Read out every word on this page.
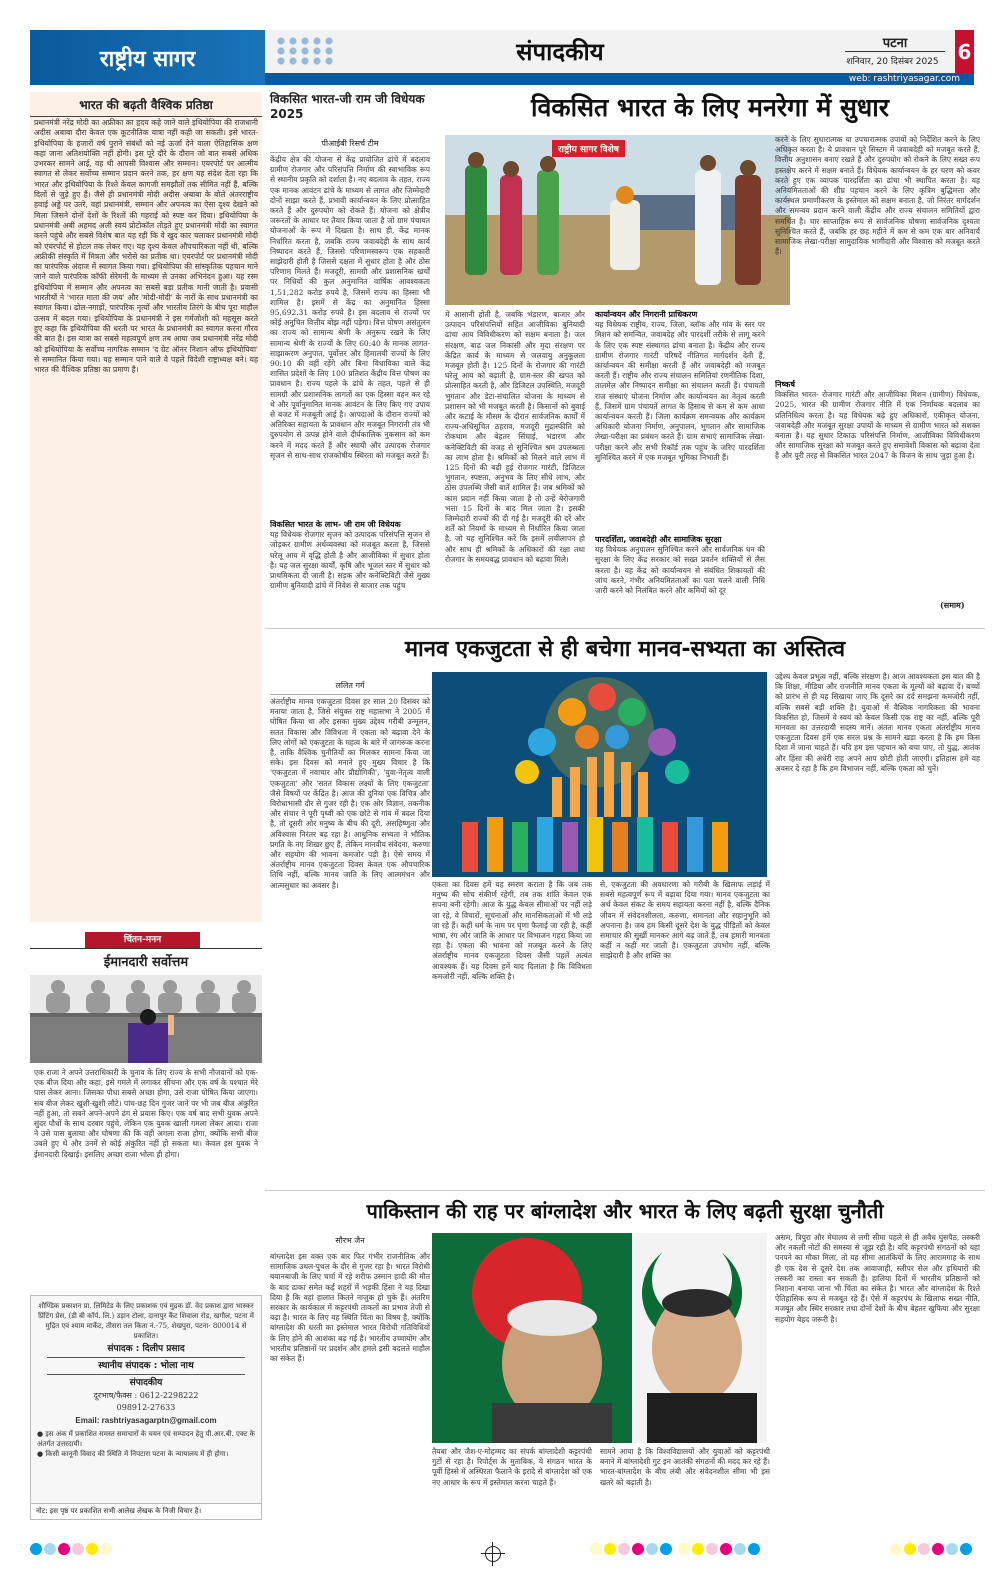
राष्ट्रीय सागर	संपादकीय	पटना
शनिवार, 20 दिसंबर 2025 6
web: rashtriyasagar.com
भारत की बढ़ती वैश्विक प्रतिष्ठा

प्रधानमंत्री नरेंद्र मोदी का अफ्रीका का हृदय कहे जाने वाले इथियोपिया की राजधानी अदीस अबाबा दौरा केवल एक कूटनीतिक यात्रा नहीं कही जा सकती। इसे भारत-इथियोपिया के हजारों वर्ष पुराने संबंधों को नई ऊर्जा देने वाला ऐतिहासिक क्षण कहा जाना अतिशयोक्ति नहीं होगी। इस पूरे दौरे के दौरान जो बात सबसे अधिक उभरकर सामने आई, वह थी आपसी विश्वास और सम्मान। एयरपोर्ट पर आत्मीय स्वागत से लेकर सर्वोच्च सम्मान प्रदान करने तक, हर क्षण यह संदेश देता रहा कि भारत और इथियोपिया के रिश्ते केवल कागजी समझौतों तक सीमित नहीं हैं, बल्कि दिलों से जुड़े हुए हैं। जैसे ही प्रधानमंत्री मोदी अदीस अबाबा के बोले अंतरराष्ट्रीय हवाई अड्डे पर उतरे, वहां प्रधानमंत्री, सम्मान और अपनत्व का ऐसा दृश्य देखने को मिला जिसने दोनों देशों के रिश्तों की गहराई को स्पष्ट कर दिया। इथियोपिया के प्रधानमंत्री अबी अहमद अली स्वयं प्रोटोकॉल तोड़ते हुए प्रधानमंत्री मोदी का स्वागत करने पहुंचे और सबसे विशेष बात यह रही कि वे खुद कार चलाकर प्रधानमंत्री मोदी को एयरपोर्ट से होटल तक लेकर गए। यह दृश्य केवल औपचारिकता नहीं थी, बल्कि अफ्रीकी संस्कृति में मित्रता और भरोसे का प्रतीक था। एयरपोर्ट पर प्रधानमंत्री मोदी का पारंपरिक अंदाज में स्वागत किया गया। इथियोपिया की सांस्कृतिक पहचान माने जाने वाले पारंपरिक कॉफी सेरेमनी के माध्यम से उनका अभिनंदन हुआ। यह रस्म इथियोपिया में सम्मान और अपनत्व का सबसे बड़ा प्रतीक मानी जाती है। प्रवासी भारतीयों ने 'भारत माता की जय' और 'मोदी-मोदी' के नारों के साथ प्रधानमंत्री का स्वागत किया। ढोल-नगाड़ों, पारंपरिक नृत्यों और भारतीय तिरंगे के बीच पूरा माहौल उत्सव में बदल गया। इथियोपिया के प्रधानमंत्री ने इस गर्मजोशी को महसूस करते हुए कहा कि इथियोपिया की धरती पर भारत के प्रधानमंत्री का स्वागत करना गौरव की बात है। इस यात्रा का सबसे महत्वपूर्ण क्षण तब आया जब प्रधानमंत्री नरेंद्र मोदी को इथियोपिया के सर्वोच्च नागरिक सम्मान 'द ग्रेट ऑनर निशान ऑफ इथियोपिया' से सम्मानित किया गया। यह सम्मान पाने वाले वे पहले विदेशी राष्ट्राध्यक्ष बने। यह भारत की वैश्विक प्रतिष्ठा का प्रमाण है।

चिंतन-मनन
ईमानदारी सर्वोत्तम

एक राजा ने अपने उत्तराधिकारी के चुनाव के लिए राज्य के सभी नौजवानों को एक-एक बीज दिया और कहा, इसे गमले में लगाकर सींचना और एक वर्ष के पश्चात मेरे पास लेकर आना। जिसका पौधा सबसे अच्छा होगा, उसे राजा घोषित किया जाएगा। सब बीज लेकर खुशी-खुशी लौटे। पांच-छह दिन गुजर जाने पर भी जब बीज अंकुरित नहीं हुआ, तो सबने अपने-अपने ढंग से प्रयास किए। एक वर्ष बाद सभी युवक अपने सुंदर पौधों के साथ दरबार पहुंचे, लेकिन एक युवक खाली गमला लेकर आया। राजा ने उसे पास बुलाया और घोषणा की कि वही अगला राजा होगा, क्योंकि सभी बीज उबले हुए थे और उनमें से कोई अंकुरित नहीं हो सकता था। केवल इस युवक ने ईमानदारी दिखाई। इसलिए अच्छा राजा भोला ही होगा।

शौण्डिक प्रकाशन प्रा. लिमिटेड के लिए प्रकाशक एवं मुद्रक डॉ. वेद प्रकाश द्वारा भास्कर प्रिंटिंग प्रेस, (डी बी कॉर्प. लि.) उड़ान टोला, दानापुर कैंट शिवाला रोड, खगौल, पटना में मुद्रित एवं श्याम मार्केट, तीसरा तल किता नं.-75, शेखपुरा, पटना- 800014 से प्रकाशित।
संपादक : दिलीप प्रसाद
स्थानीय संपादक : भोला नाथ
संपादकीय
दूरभाष/फैक्स : 0612-2298222
098912-27633
Email: rashtriyasagarptn@gmail.com
● इस अंक में प्रकाशित समस्त समाचारों के चयन एवं सम्पादन हेतु पी.आर.बी. एक्ट के अंतर्गत उत्तरदायी।
● किसी कानूनी विवाद की स्थिति में निपटारा पटना के न्यायालय में ही होगा।
नोट: इस पृष्ठ पर प्रकाशित सभी आलेख लेखक के निजी विचार है।
विकसित भारत-जी राम जी विधेयक 2025
पीआईबी रिसर्च टीम
विकसित भारत के लिए मनरेगा में सुधार

केंद्रीय क्षेत्र की योजना से केंद्र प्रायोजित ढांचे में बदलाव ग्रामीण रोजगार और परिसंपत्ति निर्माण की स्वाभाविक रूप से स्थानीय प्रकृति को दर्शाता है। नए बदलाव के तहत, राज्य एक मानक आवंटन ढांचे के माध्यम से लागत और जिम्मेदारी दोनों साझा करते हैं, प्रभावी कार्यान्वयन के लिए प्रोत्साहित करते हैं और दुरुपयोग को रोकते हैं। योजना को क्षेत्रीय जरूरतों के आधार पर तैयार किया जाता है जो ग्राम पंचायत योजनाओं के रूप में दिखता है। साथ ही, केंद्र मानक निर्धारित करता है, जबकि राज्य जवाबदेही के साथ कार्य निष्पादन करते हैं, जिससे परिणामस्वरूप एक सहकारी साझेदारी होती है जिससे दक्षता में सुधार होता है और ठोस परिणाम मिलते हैं। मजदूरी, सामग्री और प्रशासनिक खर्चों पर निधियों की कुल अनुमानित वार्षिक आवश्यकता 1,51,282 करोड़ रुपये है, जिसमें राज्य का हिस्सा भी शामिल है। इसमें से केंद्र का अनुमानित हिस्सा 95,692.31 करोड़ रुपये है। इस बदलाव से राज्यों पर कोई अनुचित वित्तीय बोझ नहीं पड़ेगा। वित्त पोषण असंतुलन का राज्य को सामान्य श्रेणी के अनुरूप रखने के लिए सामान्य श्रेणी के राज्यों के लिए 60:40 के मानक लागत-साझाकरण अनुपात, पूर्वोत्तर और हिमालयी राज्यों के लिए 90:10 की वहीं रहेंगे और बिना विधायिका वाले केंद्र शासित प्रदेशों के लिए 100 प्रतिशत केंद्रीय वित्त पोषण का प्रावधान है। राज्य पहले के ढांचे के तहत, पहले से ही सामग्री और प्रशासनिक लागतों का एक हिस्सा वहन कर रहे थे और पूर्वानुमानित मानक आवंटन के लिए किए गए उपाय से बजट में मजबूती आई है। आपदाओं के दौरान राज्यों को अतिरिक्त सहायता के प्रावधान और मजबूत निगरानी तंत्र भी दुरुपयोग से उत्पन्न होने वाले दीर्घकालिक नुकसान को कम करने में मदद करते हैं और स्थायी और उत्पादक रोजगार सृजन से साथ-साथ राजकोषीय स्थिरता को मजबूत करते हैं।

विकसित भारत के लाभ- जी राम जी विधेयक

यह विधेयक रोजगार सृजन को उत्पादक परिसंपत्ति सृजन से जोड़कर ग्रामीण अर्थव्यवस्था को मजबूत करता है, जिससे घरेलू आय में वृद्धि होती है और आजीविका में सुधार होता है। यह जल सुरक्षा कार्यों, कृषि और भूजल स्तर में सुधार को प्राथमिकता दी जाती है। सड़क और कनेक्टिविटी जैसे मुख्य ग्रामीण बुनियादी ढांचे में निवेश से बाजार तक पहुंच

राष्ट्रीय सागर विशेष

में आसानी होती है, जबकि भंडारण, बाजार और उत्पादन परिसंपत्तियों सहित आजीविका बुनियादी ढांचा आय विविधीकरण को सक्षम बनाता है। जल संरक्षण, बाढ़ जल निकासी और मृदा संरक्षण पर केंद्रित कार्य के माध्यम से जलवायु अनुकूलता मजबूत होती है। 125 दिनों के रोजगार की गारंटी घरेलू आय को बढ़ाती है, ग्राम-स्तर की खपत को प्रोत्साहित करती है, और डिजिटल उपस्थिति, मजदूरी भुगतान और डेटा-संचालित योजना के माध्यम से प्रशासन को भी मजबूत करती है। किसानों को बुवाई और कटाई के मौसम के दौरान सार्वजनिक कार्यों में राज्य-अधिसूचित ठहराव, मजदूरी मुद्रास्फीति को रोकथाम और बेहतर सिंचाई, भंडारण और कनेक्टिविटी की वजह से सुनिश्चित श्रम उपलब्धता का लाभ होता है। श्रमिकों को मिलने वाले लाभ में 125 दिनों की बढ़ी हुई रोजगार गारंटी, डिजिटल भुगतान, स्पष्टता, अनुभव के लिए सीधे लाभ, और ठोस उपलब्धि जैसी बातें शामिल हैं। जब श्रमिकों को काम प्रदान नहीं किया जाता है तो उन्हें बेरोजगारी भत्ता 15 दिनों के बाद मिल जाता है। इसकी जिम्मेदारी राज्यों की दी गई है। मजदूरी की दरें और शर्तें को नियमों के माध्यम से निर्धारित किया जाता है, जो यह सुनिश्चित करें कि इसमें लचीलापन हो और साथ ही श्रमिकों के अधिकारों की रक्षा तथा रोजगार के समयबद्ध प्रावधान को बढ़ावा मिले।

कार्यान्वयन और निगरानी प्राधिकरण

यह विधेयक राष्ट्रीय, राज्य, जिला, ब्लॉक और गांव के स्तर पर मिशन को समन्वित, जवाबदेह और पारदर्शी तरीके से लागू करने के लिए एक स्पष्ट संस्थागत ढांचा बनाता है। केंद्रीय और राज्य ग्रामीण रोजगार गारंटी परिषदें नीतिगत मार्गदर्शन देती हैं, कार्यान्वयन की समीक्षा करती हैं और जवाबदेही को मजबूत करती हैं। राष्ट्रीय और राज्य संचालन समितियां रणनीतिक दिशा, तालमेल और निष्पादन समीक्षा का संचालन करती हैं। पंचायती राज संस्थाएं योजना निर्माण और कार्यान्वयन का नेतृत्व करती हैं, जिसमें ग्राम पंचायतें लागत के हिसाब से कम से कम आधा कार्यान्वयन करती हैं। जिला कार्यक्रम समन्वयक और कार्यक्रम अधिकारी योजना निर्माण, अनुपालन, भुगतान और सामाजिक लेखा-परीक्षा का प्रबंधन करते हैं। ग्राम सभाएं सामाजिक लेखा-परीक्षा करने और सभी रिकॉर्ड तक पहुंच के जरिए पारदर्शिता सुनिश्चित करने में एक मजबूत भूमिका निभाती हैं।

पारदर्शिता, जवाबदेही और सामाजिक सुरक्षा

यह विधेयक अनुपालन सुनिश्चित करने और सार्वजनिक धन की सुरक्षा के लिए केंद्र सरकार को सख्त प्रवर्तन शक्तियों से लैस करता है। यह केंद्र को कार्यान्वयन से संबंधित शिकायतों की जांच करने, गंभीर अनियमितताओं का पता चलने वाली निधि जारी करने को निलंबित करने और कमियों को दूर

करने के लिए सुधारात्मक या उपचारात्मक उपायों को निर्देशित करने के लिए अधिकृत करता है। ये प्रावधान पूरे सिस्टम में जवाबदेही को मजबूत करते हैं, वित्तीय अनुशासन बनाए रखते हैं और दुरुपयोग को रोकने के लिए सख्त रूप हस्तक्षेप करने में सक्षम बनाते हैं। विधेयक कार्यान्वयन के हर चरण को कवर करते हुए एक व्यापक पारदर्शिता का ढांचा भी स्थापित करता है। यह अनियमितताओं की शीघ्र पहचान करने के लिए कृत्रिम बुद्धिमत्ता और कार्यस्थल प्रमाणीकरण के इस्तेमाल को सक्षम बनाता है, जो निरंतर मार्गदर्शन और समन्वय प्रदान करने वाली केंद्रीय और राज्य संचालन समितियों द्वारा समर्थित है। चार साप्ताहिक रूप से सार्वजनिक घोषणा सार्वजनिक दृश्यता सुनिश्चित करते हैं, जबकि हर छह महीने में कम से कम एक बार अनिवार्य सामाजिक लेखा-परीक्षा सामुदायिक भागीदारी और विश्वास को मजबूत करते हैं।

निष्कर्ष

विकसित भारत- रोजगार गारंटी और आजीविका मिशन (ग्रामीण) विधेयक, 2025, भारत की ग्रामीण रोजगार नीति में एक निर्णायक बदलाव का प्रतिनिधित्व करता है। यह विधेयक बढ़े हुए अधिकारों, एकीकृत योजना, जवाबदेही और मजबूत सुरक्षा उपायों के माध्यम से ग्रामीण भारत को सशक्त बनाता है। यह सुधार टिकाऊ परिसंपत्ति निर्माण, आजीविका विविधीकरण और सामाजिक सुरक्षा को मजबूत करते हुए समावेशी विकास को बढ़ावा देता है और पूरी तरह से विकसित भारत 2047 के विजन के साथ जुड़ा हुआ है।

(समाम)
मानव एकजुटता से ही बचेगा मानव-सभ्यता का अस्तित्व
ललित गर्ग

अंतर्राष्ट्रीय मानव एकजुटता दिवस हर साल 20 दिसंबर को मनाया जाता है, जिसे संयुक्त राष्ट्र महासभा ने 2005 में घोषित किया था और इसका मुख्य उद्देश्य गरीबी उन्मूलन, सतत विकास और विविधता में एकता को बढ़ावा देने के लिए लोगों को एकजुटता के महत्व के बारे में जागरूक करना है, ताकि वैश्विक चुनौतियों का मिलकर सामना किया जा सके। इस दिवस को मनाने हुए मुख्य विचार है कि 'एकजुटता में नवाचार और प्रौद्योगिकी', 'युवा-नेतृत्व वाली एकजुटता' और 'सतत विकास लक्ष्यों के लिए एकजुटता' जैसे विषयों पर केंद्रित है। आज की दुनिया एक विचित्र और विरोधाभासी दौर से गुजर रही है। एक ओर विज्ञान, तकनीक और संचार ने पूरी पृथ्वी को एक छोटे से गांव में बदल दिया है, तो दूसरी ओर मनुष्य के बीच की दूरी, असहिष्णुता और अविश्वास निरंतर बढ़ रहा है। आधुनिक सभ्यता ने भौतिक प्रगति के नए शिखर छुए हैं, लेकिन मानवीय संवेदना, करुणा और सहयोग की भावना कमजोर पड़ी है। ऐसे समय में अंतर्राष्ट्रीय मानव एकजुटता दिवस केवल एक औपचारिक तिथि नहीं, बल्कि मानव जाति के लिए आत्ममंथन और आत्मसुधार का अवसर है।	एकता का दिवस हमें यह स्मरण कराता है कि जब तक मनुष्य की सोच संकीर्ण रहेगी, तब तक शांति केवल एक सपना बनी रहेगी। आज के युद्ध केवल सीमाओं पर नहीं लड़े जा रहे, वे विचारों, सूचनाओं और मानसिकताओं में भी लड़े जा रहे हैं। कहीं धर्म के नाम पर घृणा फैलाई जा रही है, कहीं भाषा, रंग और जाति के आधार पर विभाजन गहरा किया जा रहा है। एकता की भावना को मजबूत करने के लिए अंतर्राष्ट्रीय मानव एकजुटता दिवस जैसी पहलें अत्यंत आवश्यक हैं। यह दिवस हमें याद दिलाता है कि विविधता कमजोरी नहीं, बल्कि शक्ति है।

से, एकजुटता की अवधारणा को गरीबी के खिलाफ लड़ाई में सबसे महत्वपूर्ण रूप में बढ़ावा दिया गया। मानव एकजुटता का अर्थ केवल संकट के समय सहायता करना नहीं है, बल्कि दैनिक जीवन में संवेदनशीलता, करुणा, समानता और सहानुभूति को अपनाना है। जब हम किसी दूसरे देश के युद्ध पीड़ितों को केवल समाचार की सुर्खी मानकर आगे बढ़ जाते हैं, तब हमारी मानवता कहीं न कहीं मर जाती है। एकजुटता उपभोग नहीं, बल्कि साझेदारी है और शक्ति का

उद्देश्य केवल प्रभुत्व नहीं, बल्कि संरक्षण है। आज आवश्यकता इस बात की है कि शिक्षा, मीडिया और राजनीति मानव एकता के मूल्यों को बढ़ावा दें। बच्चों को प्रारंभ से ही यह सिखाया जाए कि दूसरे का दर्द समझना कमजोरी नहीं, बल्कि सबसे बड़ी शक्ति है। युवाओं में वैश्विक नागरिकता की भावना विकसित हो, जिसमें वे स्वयं को केवल किसी एक राष्ट्र का नहीं, बल्कि पूरी मानवता का उत्तरदायी सदस्य मानें। अंततः मानव एकता अंतर्राष्ट्रीय मानव एकजुटता दिवस हमें एक सरल प्रश्न के सामने खड़ा करता है कि हम किस दिशा में जाना चाहते हैं। यदि हम इस पहचान को बचा पाए, तो युद्ध, आतंक और हिंसा की अंधेरी राह अपने आप छोटी होती जाएगी। इतिहास हमें यह अवसर दे रहा है कि हम विभाजन नहीं, बल्कि एकता को चुनें।

पाकिस्तान की राह पर बांग्लादेश और भारत के लिए बढ़ती सुरक्षा चुनौती
सौरभ जैन

बांग्लादेश इस वक्त एक बार फिर गंभीर राजनीतिक और सामाजिक उथल-पुथल के दौर से गुजर रहा है। भारत विरोधी बयानबाजी के लिए चर्चा में रहे शरीफ उस्मान हादी की मौत के बाद ढाका समेत कई शहरों में भड़की हिंसा ने यह दिखा दिया है कि वहां हालात कितने नाजुक हो चुके हैं। अंतरिम सरकार के कार्यकाल में कट्टरपंथी ताकतों का प्रभाव तेजी से बढ़ा है। भारत के लिए यह स्थिति चिंता का विषय है, क्योंकि बांग्लादेश की धरती का इस्तेमाल भारत विरोधी गतिविधियों के लिए होने की आशंका बढ़ गई है। भारतीय उच्चायोग और भारतीय प्रतिष्ठानों पर प्रदर्शन और हमले इसी बदलते माहौल का संकेत हैं।

तैयबा और जैश-ए-मोहम्मद का संपर्क बांग्लादेशी कट्टरपंथी गुटों से रहा है। रिपोर्ट्स के मुताबिक, ये संगठन भारत के पूर्वी हिस्से में अस्थिरता फैलाने के इरादे से बांग्लादेश को एक नए आधार के रूप में इस्तेमाल करना चाहते हैं।

सामने आया है कि विश्वविद्यालयों और युवाओं को कट्टरपंथी बनाने में बांग्लादेशी गुट इन आतंकी संगठनों की मदद कर रहे हैं। भारत-बांग्लादेश के बीच लंबी और संवेदनशील सीमा भी इस खतरे को बढ़ाती है।

असम, त्रिपुरा और मेघालय से लगी सीमा पहले से ही अवैध घुसपैठ, तस्करी और नकली नोटों की समस्या से जूझ रही है। यदि कट्टरपंथी संगठनों को यहां पनपने का मौका मिला, तो यह सीमा आतंकियों के लिए आरामगाह के साथ ही एक देश से दूसरे देश तक आवाजाही, स्लीपर सेल और हथियारों की तस्करी का रास्ता बन सकती है। हालिया दिनों में भारतीय प्रतिष्ठानों को निशाना बनाया जाना भी चिंता का संकेत है। भारत और बांग्लादेश के रिश्ते ऐतिहासिक रूप से मजबूत रहे हैं। ऐसे में कट्टरपंथ के खिलाफ सख्त नीति, मजबूत और स्थिर सरकार तथा दोनों देशों के बीच बेहतर खुफिया और सुरक्षा सहयोग बेहद जरूरी है।
